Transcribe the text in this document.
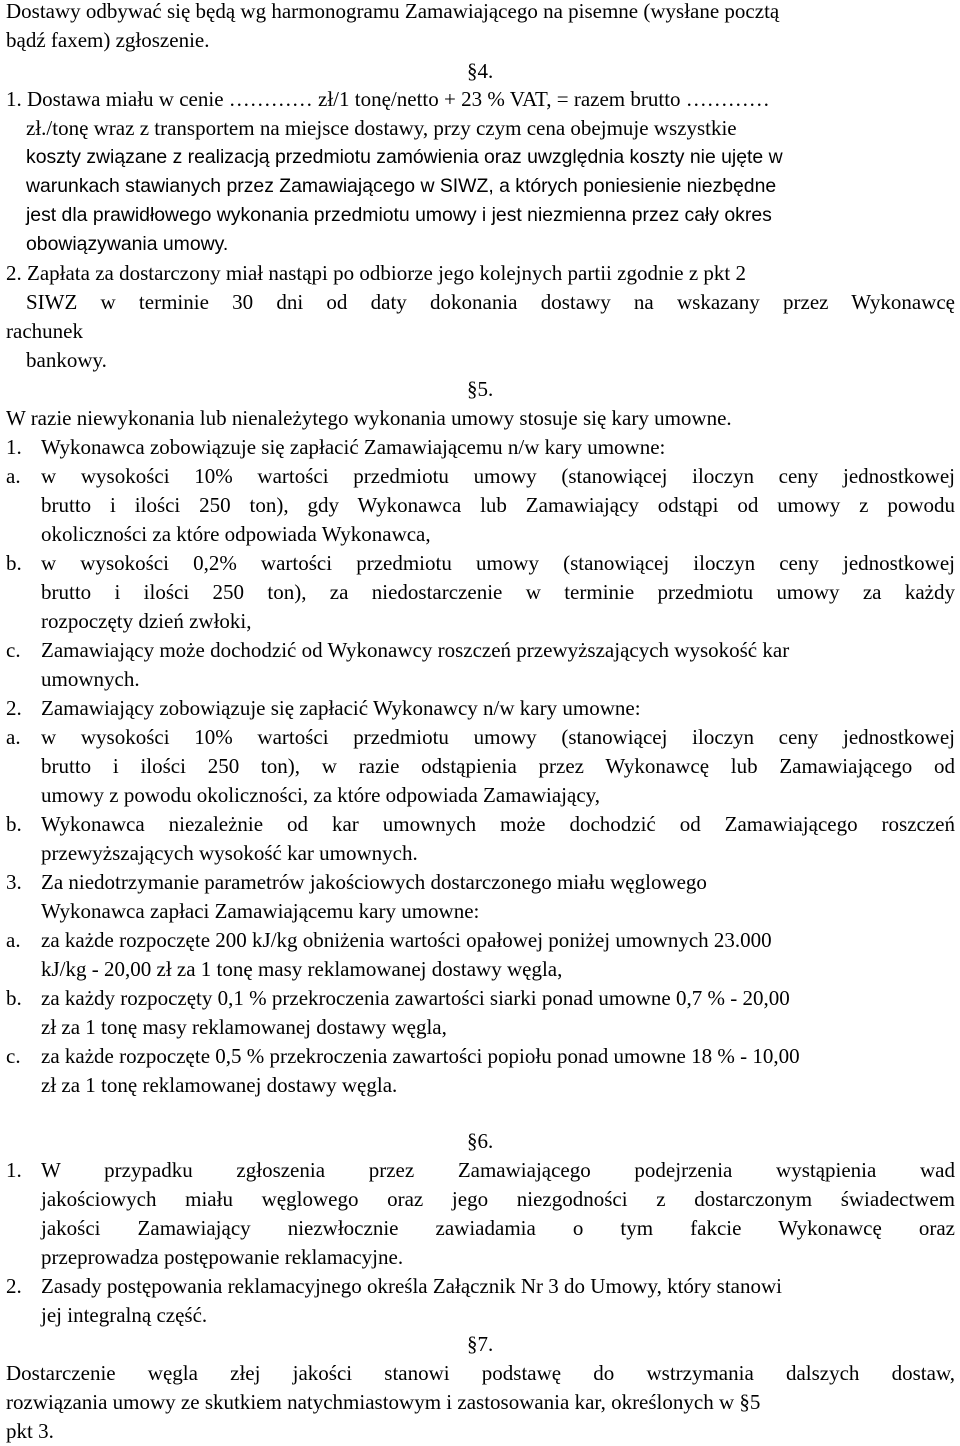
Dostawy odbywać się będą wg harmonogramu Zamawiającego na pisemne (wysłane pocztą
bądź faxem) zgłoszenie.
§4.
1. Dostawa miału w cenie ………… zł/1 tonę/netto + 23 % VAT, = razem brutto …………
zł./tonę wraz z transportem na miejsce dostawy, przy czym cena obejmuje wszystkie
koszty związane z realizacją przedmiotu zamówienia oraz uwzględnia koszty nie ujęte w
warunkach stawianych przez Zamawiającego w SIWZ, a których poniesienie niezbędne
jest dla prawidłowego wykonania przedmiotu umowy i jest niezmienna przez cały okres
obowiązywania umowy.
2. Zapłata za dostarczony miał nastąpi po odbiorze jego kolejnych partii zgodnie z pkt 2
SIWZ w terminie 30 dni od daty dokonania dostawy na wskazany przez Wykonawcę
rachunek
bankowy.
§5.
W razie niewykonania lub nienależytego wykonania umowy stosuje się kary umowne.
1. Wykonawca zobowiązuje się zapłacić Zamawiającemu n/w kary umowne:
a. w wysokości 10% wartości przedmiotu umowy (stanowiącej iloczyn ceny jednostkowej
brutto i ilości 250 ton), gdy Wykonawca lub Zamawiający odstąpi od umowy z powodu
okoliczności za które odpowiada Wykonawca,
b. w wysokości 0,2% wartości przedmiotu umowy (stanowiącej iloczyn ceny jednostkowej
brutto i ilości 250 ton), za niedostarczenie w terminie przedmiotu umowy za każdy
rozpoczęty dzień zwłoki,
c. Zamawiający może dochodzić od Wykonawcy roszczeń przewyższających wysokość kar
umownych.
2. Zamawiający zobowiązuje się zapłacić Wykonawcy n/w kary umowne:
a. w wysokości 10% wartości przedmiotu umowy (stanowiącej iloczyn ceny jednostkowej
brutto i ilości 250 ton), w razie odstąpienia przez Wykonawcę lub Zamawiającego od
umowy z powodu okoliczności, za które odpowiada Zamawiający,
b. Wykonawca niezależnie od kar umownych może dochodzić od Zamawiającego roszczeń
przewyższających wysokość kar umownych.
3. Za niedotrzymanie parametrów jakościowych dostarczonego miału węglowego
Wykonawca zapłaci Zamawiającemu kary umowne:
a. za każde rozpoczęte 200 kJ/kg obniżenia wartości opałowej poniżej umownych 23.000
kJ/kg - 20,00 zł za 1 tonę masy reklamowanej dostawy węgla,
b. za każdy rozpoczęty 0,1 % przekroczenia zawartości siarki ponad umowne 0,7 % - 20,00
zł za 1 tonę masy reklamowanej dostawy węgla,
c. za każde rozpoczęte 0,5 % przekroczenia zawartości popiołu ponad umowne 18 % - 10,00
zł za 1 tonę reklamowanej dostawy węgla.
§6.
1. W przypadku zgłoszenia przez Zamawiającego podejrzenia wystąpienia wad
jakościowych miału węglowego oraz jego niezgodności z dostarczonym świadectwem
jakości Zamawiający niezwłocznie zawiadamia o tym fakcie Wykonawcę oraz
przeprowadza postępowanie reklamacyjne.
2. Zasady postępowania reklamacyjnego określa Załącznik Nr 3 do Umowy, który stanowi
jej integralną część.
§7.
Dostarczenie węgla złej jakości stanowi podstawę do wstrzymania dalszych dostaw,
rozwiązania umowy ze skutkiem natychmiastowym i zastosowania kar, określonych w §5
pkt 3.
